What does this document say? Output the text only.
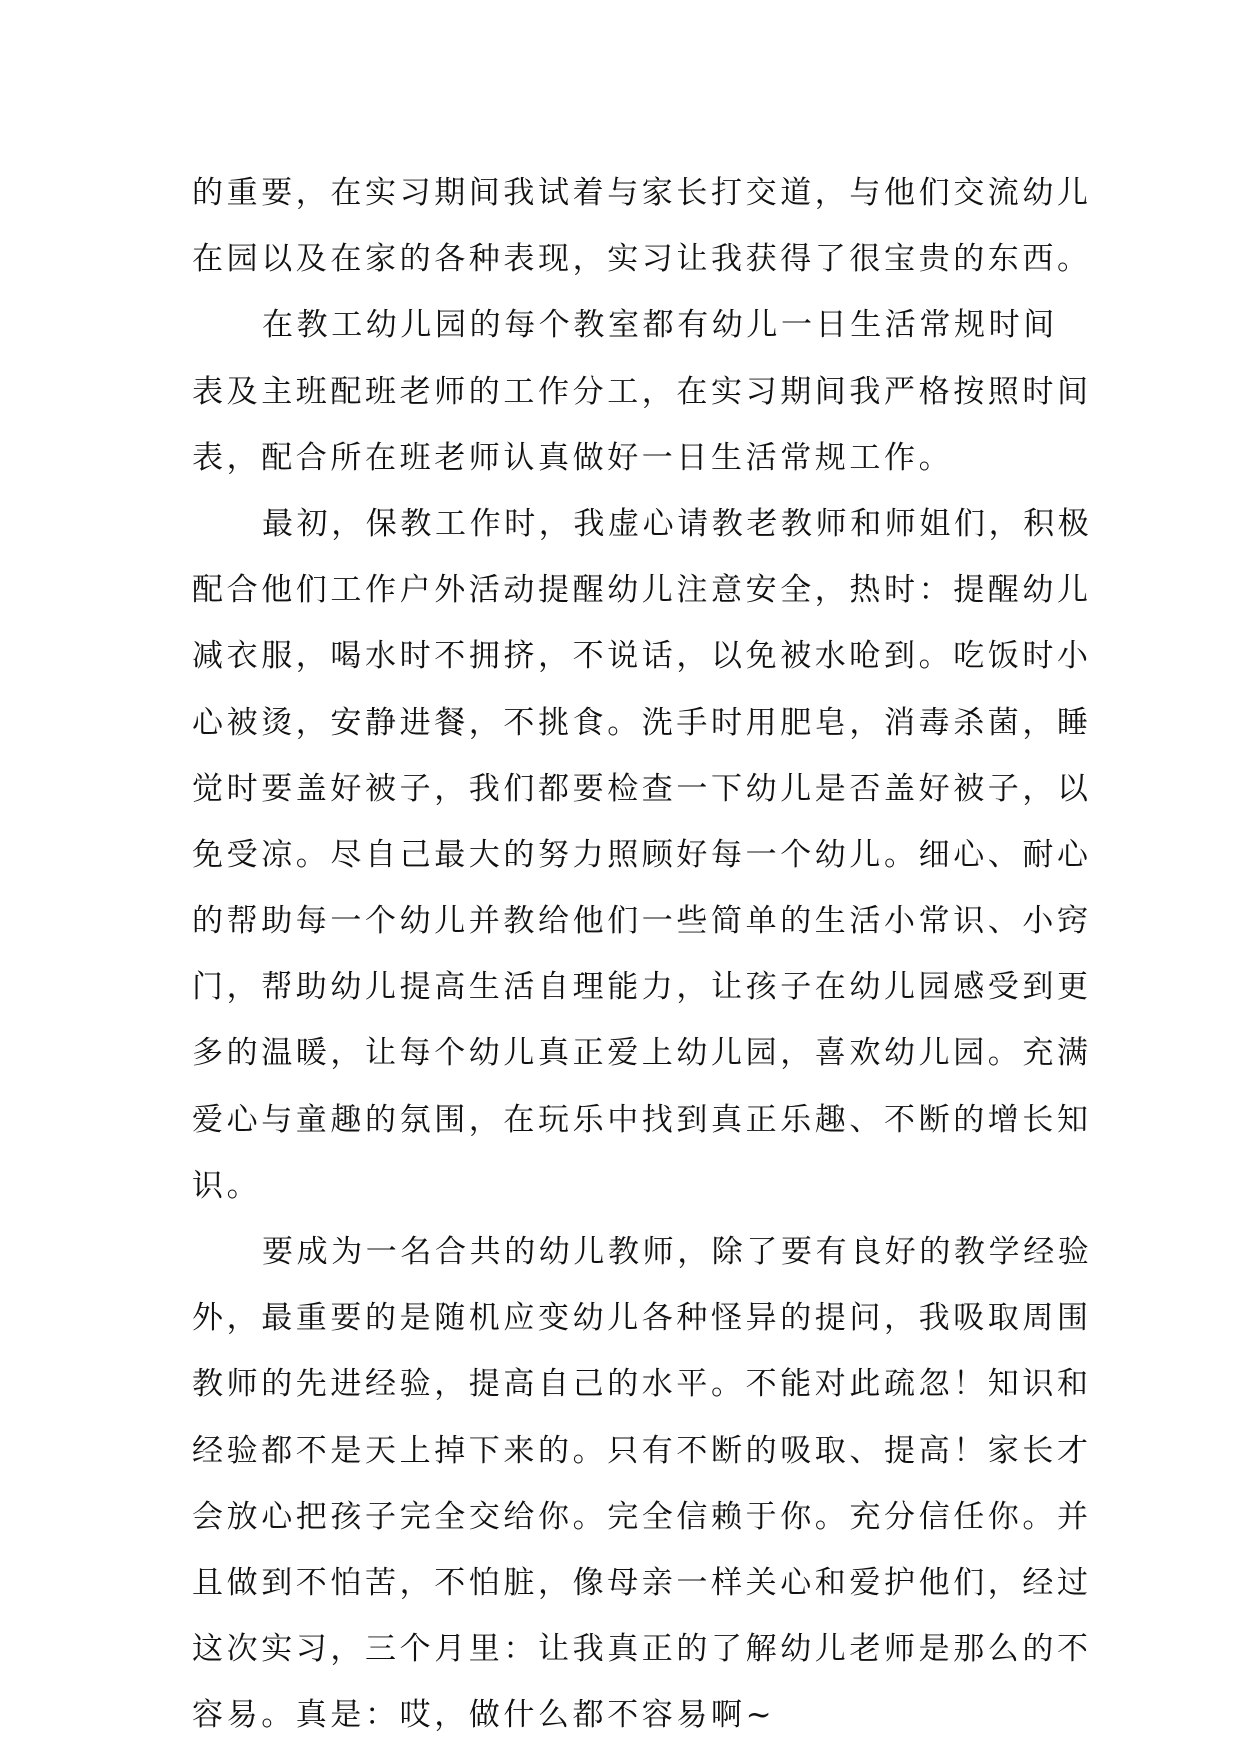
的重要，在实习期间我试着与家长打交道，与他们交流幼儿
在园以及在家的各种表现，实习让我获得了很宝贵的东西。
在教工幼儿园的每个教室都有幼儿一日生活常规时间
表及主班配班老师的工作分工，在实习期间我严格按照时间
表，配合所在班老师认真做好一日生活常规工作。
最初，保教工作时，我虚心请教老教师和师姐们，积极
配合他们工作户外活动提醒幼儿注意安全，热时：提醒幼儿
减衣服，喝水时不拥挤，不说话，以免被水呛到。吃饭时小
心被烫，安静进餐，不挑食。洗手时用肥皂，消毒杀菌，睡
觉时要盖好被子，我们都要检查一下幼儿是否盖好被子，以
免受凉。尽自己最大的努力照顾好每一个幼儿。细心、耐心
的帮助每一个幼儿并教给他们一些简单的生活小常识、小窍
门，帮助幼儿提高生活自理能力，让孩子在幼儿园感受到更
多的温暖，让每个幼儿真正爱上幼儿园，喜欢幼儿园。充满
爱心与童趣的氛围，在玩乐中找到真正乐趣、不断的增长知
识。
要成为一名合共的幼儿教师，除了要有良好的教学经验
外，最重要的是随机应变幼儿各种怪异的提问，我吸取周围
教师的先进经验，提高自己的水平。不能对此疏忽！知识和
经验都不是天上掉下来的。只有不断的吸取、提高！家长才
会放心把孩子完全交给你。完全信赖于你。充分信任你。并
且做到不怕苦，不怕脏，像母亲一样关心和爱护他们，经过
这次实习，三个月里：让我真正的了解幼儿老师是那么的不
容易。真是：哎，做什么都不容易啊~
